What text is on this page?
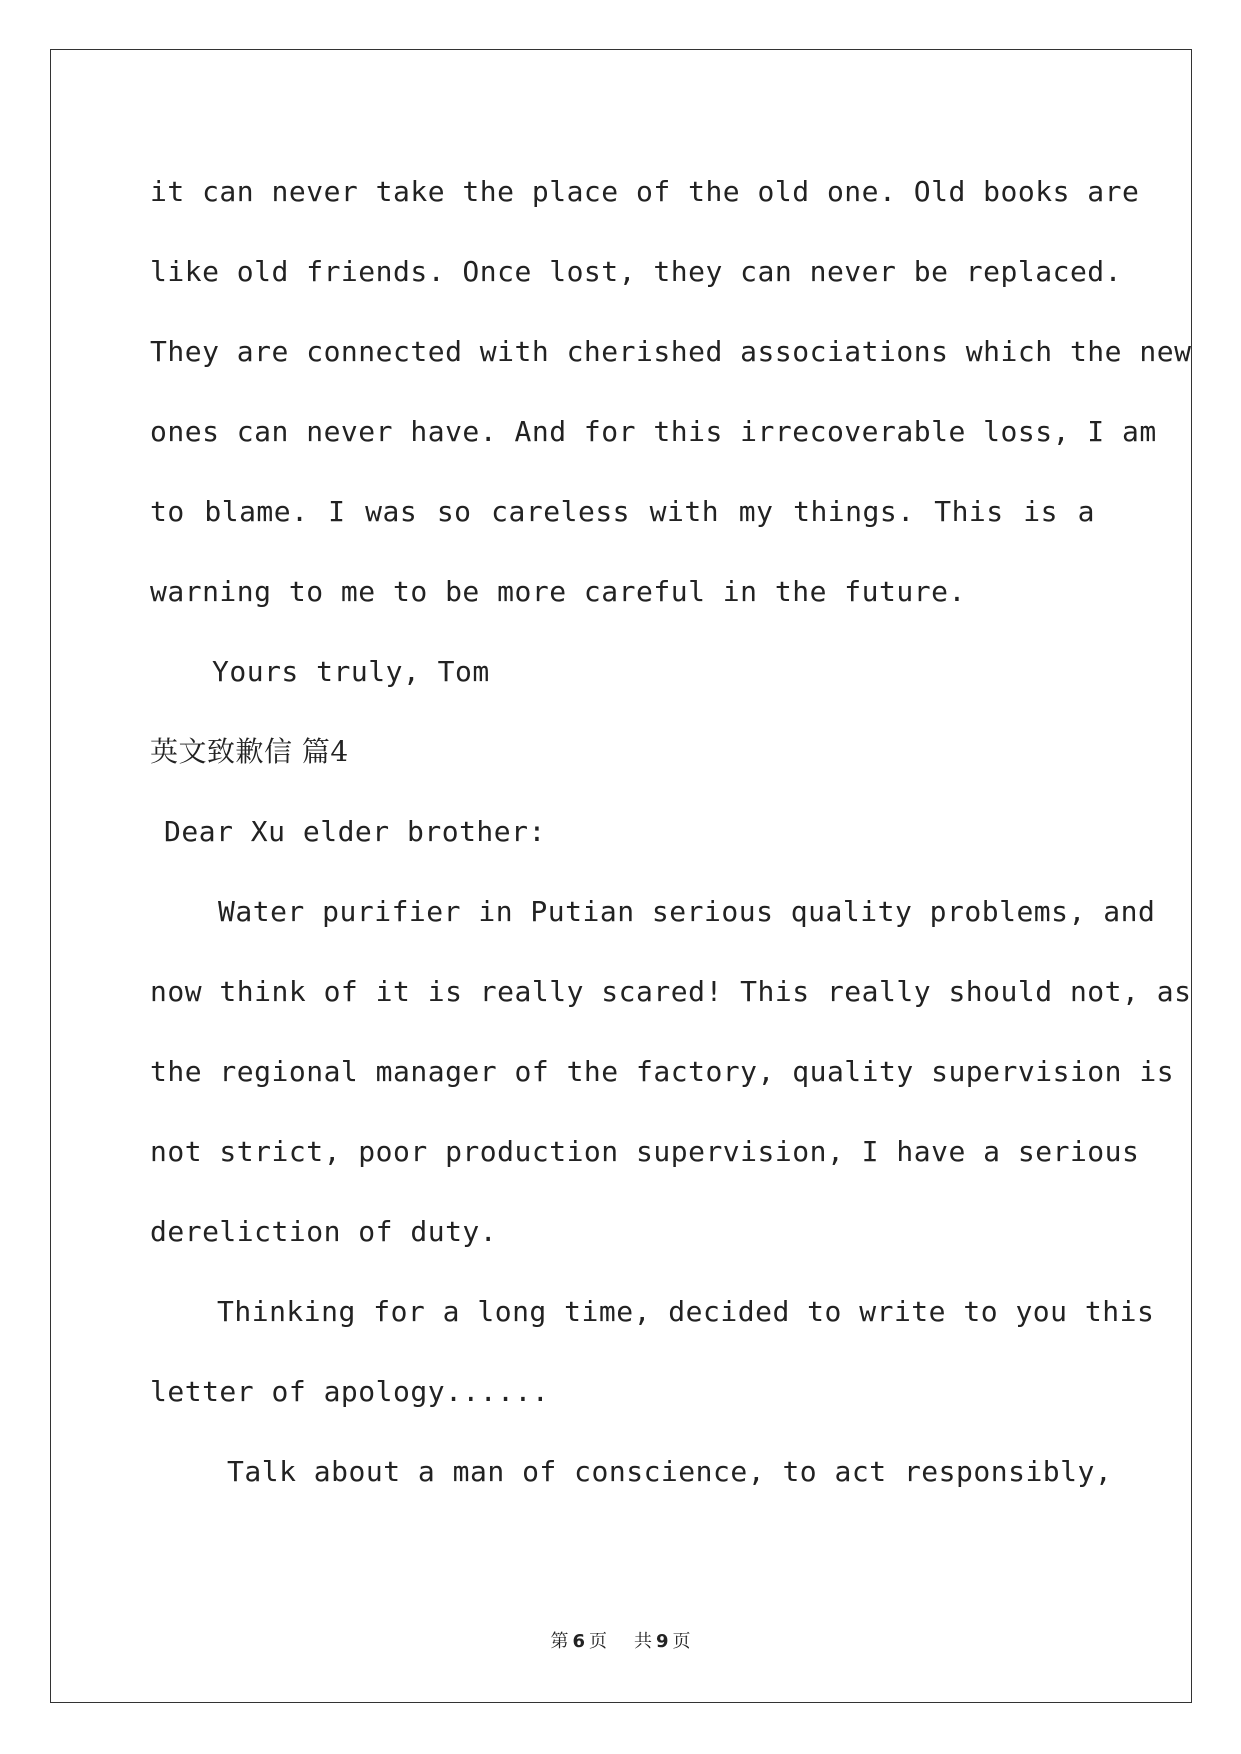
it can never take the place of the old one. Old books are
like old friends. Once lost, they can never be replaced.
They are connected with cherished associations which the new
ones can never have. And for this irrecoverable loss, I am
to blame. I was so careless with my things. This is a
warning to me to be more careful in the future.
Yours truly, Tom
英文致歉信 篇4
Dear Xu elder brother:
Water purifier in Putian serious quality problems, and
now think of it is really scared! This really should not, as
the regional manager of the factory, quality supervision is
not strict, poor production supervision, I have a serious
dereliction of duty.
Thinking for a long time, decided to write to you this
letter of apology......
Talk about a man of conscience, to act responsibly,
第 6 页 共 9 页
